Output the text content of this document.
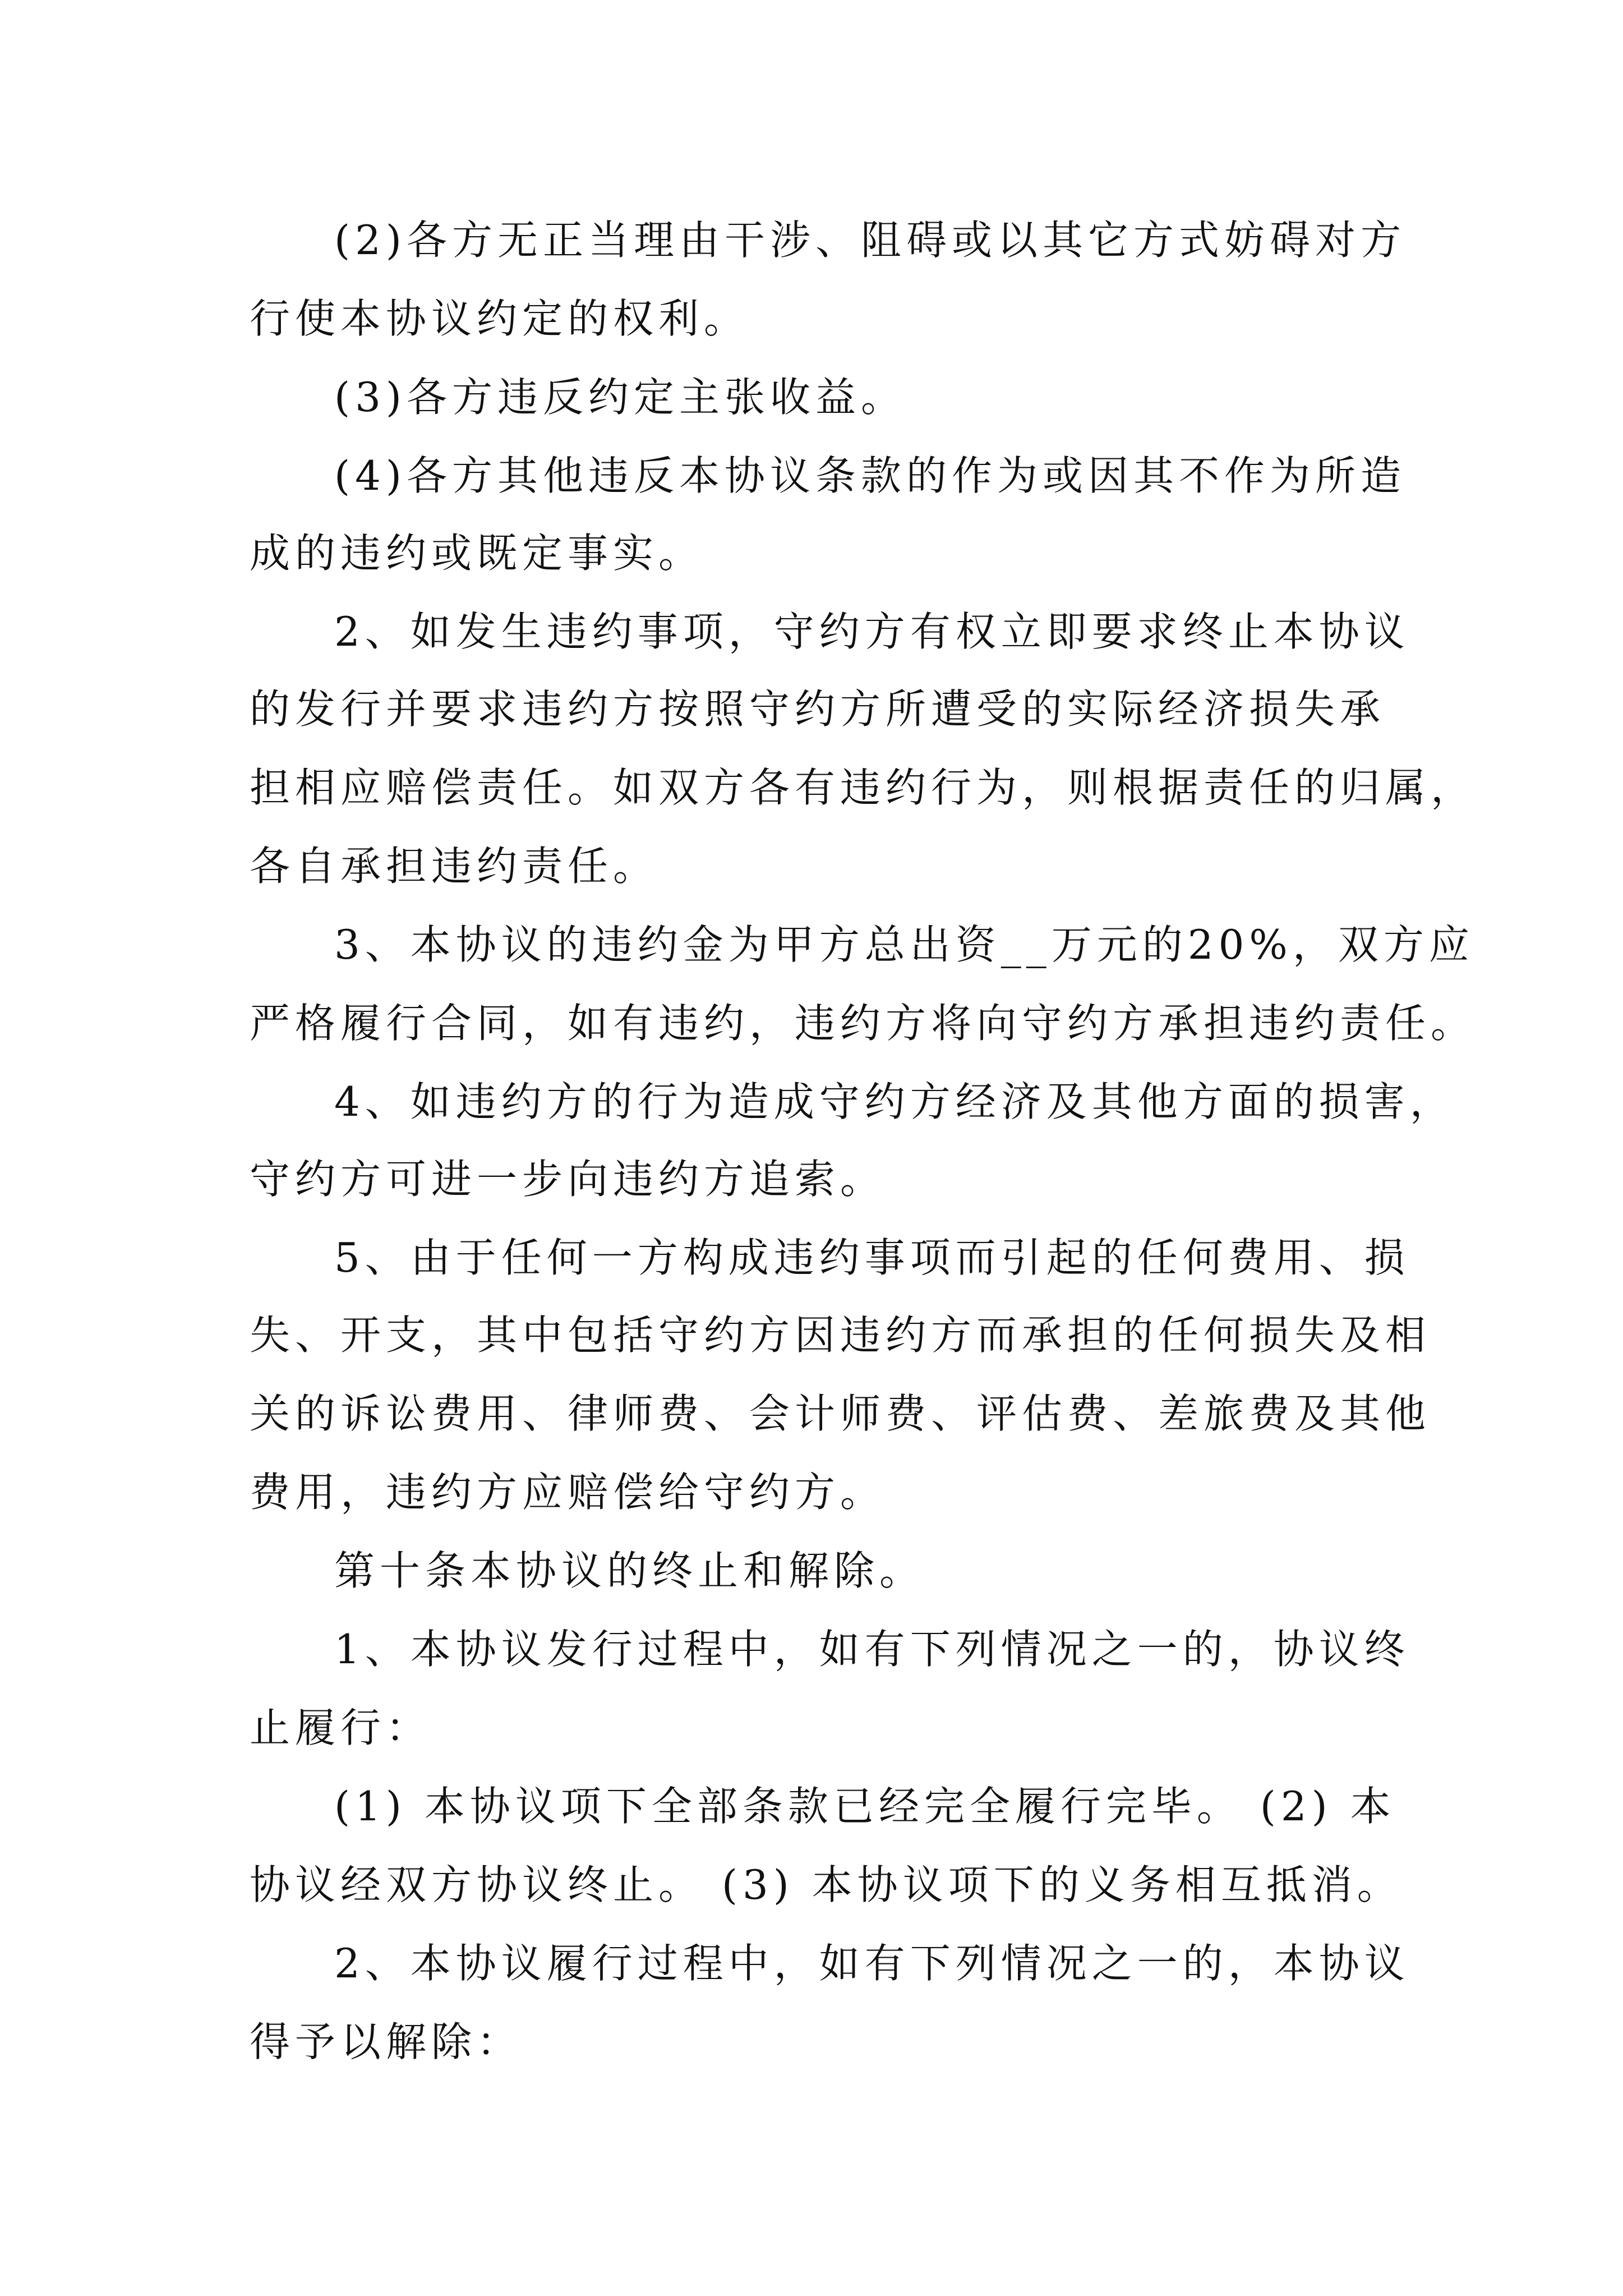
(2)各方无正当理由干涉、阻碍或以其它方式妨碍对方
行使本协议约定的权利。
(3)各方违反约定主张收益。
(4)各方其他违反本协议条款的作为或因其不作为所造
成的违约或既定事实。
2、如发生违约事项，守约方有权立即要求终止本协议
的发行并要求违约方按照守约方所遭受的实际经济损失承
担相应赔偿责任。如双方各有违约行为，则根据责任的归属，
各自承担违约责任。
3、本协议的违约金为甲方总出资__万元的20%，双方应
严格履行合同，如有违约，违约方将向守约方承担违约责任。
4、如违约方的行为造成守约方经济及其他方面的损害，
守约方可进一步向违约方追索。
5、由于任何一方构成违约事项而引起的任何费用、损
失、开支，其中包括守约方因违约方而承担的任何损失及相
关的诉讼费用、律师费、会计师费、评估费、差旅费及其他
费用，违约方应赔偿给守约方。
第十条本协议的终止和解除。
1、本协议发行过程中，如有下列情况之一的，协议终
止履行：
(1) 本协议项下全部条款已经完全履行完毕。 (2) 本
协议经双方协议终止。 (3) 本协议项下的义务相互抵消。
2、本协议履行过程中，如有下列情况之一的，本协议
得予以解除：
